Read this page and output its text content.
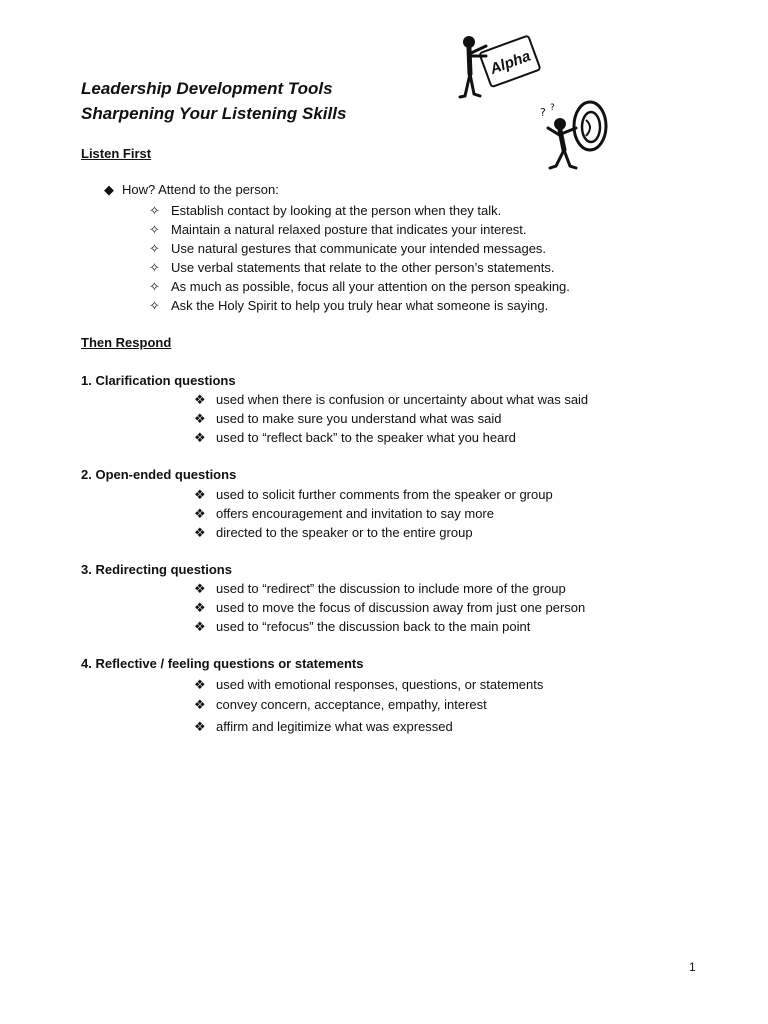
Leadership Development Tools
Sharpening Your Listening Skills
Alpha
? ?
Listen First
◆ How? Attend to the person:
✧ Establish contact by looking at the person when they talk.
✧ Maintain a natural relaxed posture that indicates your interest.
✧ Use natural gestures that communicate your intended messages.
✧ Use verbal statements that relate to the other person’s statements.
✧ As much as possible, focus all your attention on the person speaking.
✧ Ask the Holy Spirit to help you truly hear what someone is saying.
Then Respond
1. Clarification questions
❖ used when there is confusion or uncertainty about what was said
❖ used to make sure you understand what was said
❖ used to “reflect back” to the speaker what you heard
2. Open-ended questions
❖ used to solicit further comments from the speaker or group
❖ offers encouragement and invitation to say more
❖ directed to the speaker or to the entire group
3. Redirecting questions
❖ used to “redirect” the discussion to include more of the group
❖ used to move the focus of discussion away from just one person
❖ used to “refocus” the discussion back to the main point
4. Reflective / feeling questions or statements
❖ used with emotional responses, questions, or statements
❖ convey concern, acceptance, empathy, interest
❖ affirm and legitimize what was expressed
1
